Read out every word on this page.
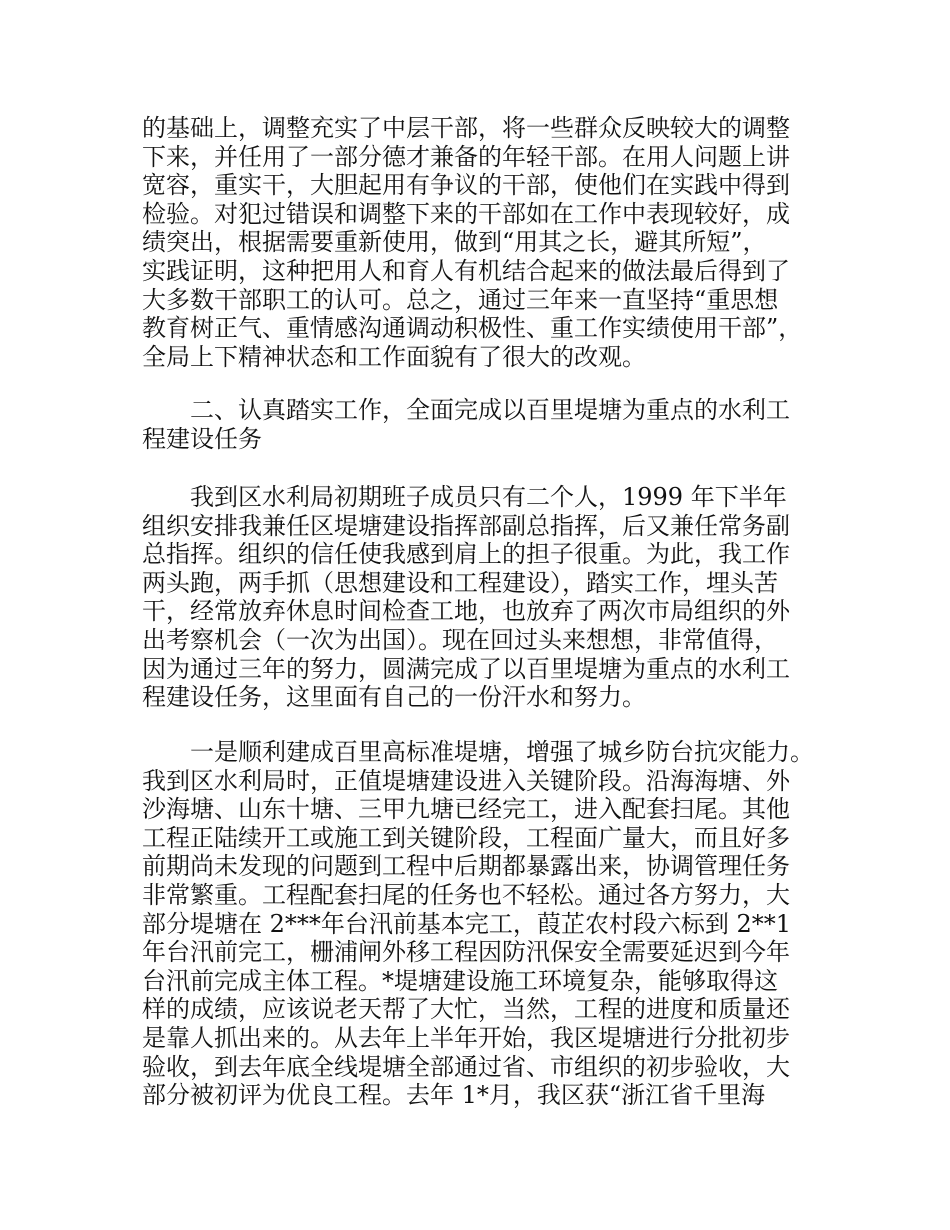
的基础上，调整充实了中层干部，将一些群众反映较大的调整
下来，并任用了一部分德才兼备的年轻干部。在用人问题上讲
宽容，重实干，大胆起用有争议的干部，使他们在实践中得到
检验。对犯过错误和调整下来的干部如在工作中表现较好，成
绩突出，根据需要重新使用，做到“用其之长，避其所短”，
实践证明，这种把用人和育人有机结合起来的做法最后得到了
大多数干部职工的认可。总之，通过三年来一直坚持“重思想
教育树正气、重情感沟通调动积极性、重工作实绩使用干部”，
全局上下精神状态和工作面貌有了很大的改观。
二、认真踏实工作，全面完成以百里堤塘为重点的水利工
程建设任务
我到区水利局初期班子成员只有二个人，1999 年下半年
组织安排我兼任区堤塘建设指挥部副总指挥，后又兼任常务副
总指挥。组织的信任使我感到肩上的担子很重。为此，我工作
两头跑，两手抓（思想建设和工程建设），踏实工作，埋头苦
干，经常放弃休息时间检查工地，也放弃了两次市局组织的外
出考察机会（一次为出国）。现在回过头来想想，非常值得，
因为通过三年的努力，圆满完成了以百里堤塘为重点的水利工
程建设任务，这里面有自己的一份汗水和努力。
一是顺利建成百里高标准堤塘，增强了城乡防台抗灾能力。
我到区水利局时，正值堤塘建设进入关键阶段。沿海海塘、外
沙海塘、山东十塘、三甲九塘已经完工，进入配套扫尾。其他
工程正陆续开工或施工到关键阶段，工程面广量大，而且好多
前期尚未发现的问题到工程中后期都暴露出来，协调管理任务
非常繁重。工程配套扫尾的任务也不轻松。通过各方努力，大
部分堤塘在 2***年台汛前基本完工，葭芷农村段六标到 2**1
年台汛前完工，栅浦闸外移工程因防汛保安全需要延迟到今年
台汛前完成主体工程。*堤塘建设施工环境复杂，能够取得这
样的成绩，应该说老天帮了大忙，当然，工程的进度和质量还
是靠人抓出来的。从去年上半年开始，我区堤塘进行分批初步
验收，到去年底全线堤塘全部通过省、市组织的初步验收，大
部分被初评为优良工程。去年 1*月，我区获“浙江省千里海
